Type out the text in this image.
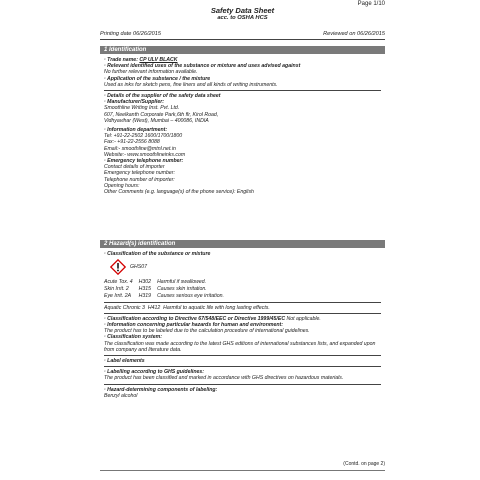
Page 1/10
Safety Data Sheet
acc. to OSHA HCS
Printing date 06/26/2015	Reviewed on 06/26/2015
1 Identification
· Trade name: CP ULV BLACK
· Relevant identified uses of the substance or mixture and uses advised against
No further relevant information available.
· Application of the substance / the mixture
Used as inks for sketch pens, fine liners and all kinds of writing instruments.
· Details of the supplier of the safety data sheet
· Manufacturer/Supplier:
Smoothline Writing Inst. Pvt. Ltd.
607, Neelkanth Corporate Park,6th flr, Kirol Road,
Vidhyavihar (West), Mumbai – 400086, INDIA
· Information department:
Tel: +91-22-2502 1600/1700/1800
Fax:- +91-22-2556 8088
Email:- smoothline@mtnl.net.in
Website:- www.smoothlineinks.com
· Emergency telephone number:
Contact details of importer
Emergency telephone number:
Telephone number of importer:
Opening hours:
Other Comments (e.g. language(s) of the phone service): English
2 Hazard(s) identification
· Classification of the substance or mixture
GHS07
Acute Tox. 4	H302	Harmful if swallowed.
Skin Irrit. 2	H315	Causes skin irritation.
Eye Irrit. 2A	H319	Causes serious eye irritation.
Aquatic Chronic 3 H412 Harmful to aquatic life with long lasting effects.
· Classification according to Directive 67/548/EEC or Directive 1999/45/EC Not applicable.
· Information concerning particular hazards for human and environment:
The product has to be labeled due to the calculation procedure of international guidelines.
· Classification system:
The classification was made according to the latest GHS editions of international substances lists, and expanded upon from company and literature data.
· Label elements
· Labelling according to GHS guidelines:
The product has been classified and marked in accordance with GHS directives on hazardous materials.
· Hazard-determining components of labeling:
Benzyl alcohol
(Contd. on page 2)
